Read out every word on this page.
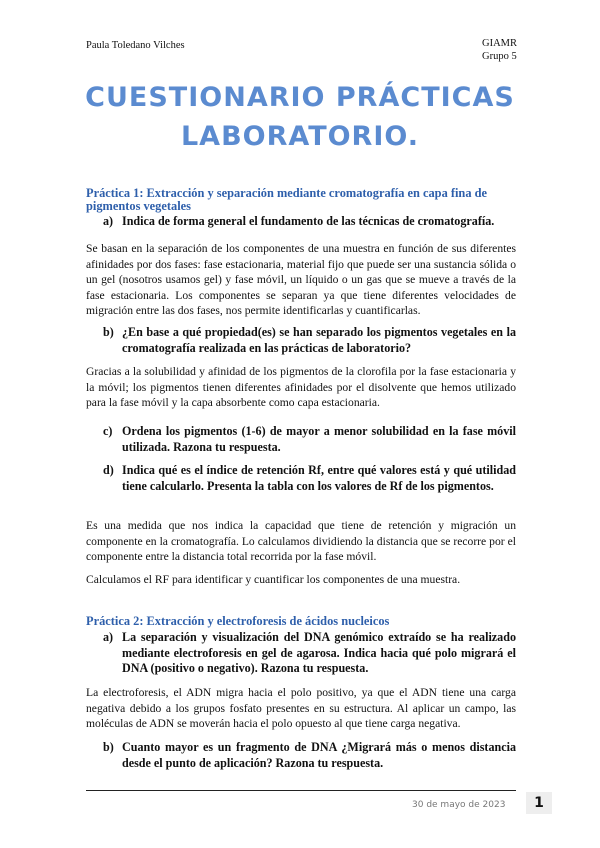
Paula Toledano Vilches	GIAMR
Grupo 5
CUESTIONARIO PRÁCTICAS
LABORATORIO.
Práctica 1: Extracción y separación mediante cromatografía en capa fina de pigmentos vegetales
a) Indica de forma general el fundamento de las técnicas de cromatografía.
Se basan en la separación de los componentes de una muestra en función de sus diferentes afinidades por dos fases: fase estacionaria, material fijo que puede ser una sustancia sólida o un gel (nosotros usamos gel) y fase móvil, un líquido o un gas que se mueve a través de la fase estacionaria. Los componentes se separan ya que tiene diferentes velocidades de migración entre las dos fases, nos permite identificarlas y cuantificarlas.
b) ¿En base a qué propiedad(es) se han separado los pigmentos vegetales en la cromatografía realizada en las prácticas de laboratorio?
Gracias a la solubilidad y afinidad de los pigmentos de la clorofila por la fase estacionaria y la móvil; los pigmentos tienen diferentes afinidades por el disolvente que hemos utilizado para la fase móvil y la capa absorbente como capa estacionaria.
c) Ordena los pigmentos (1-6) de mayor a menor solubilidad en la fase móvil utilizada. Razona tu respuesta.
d) Indica qué es el índice de retención Rf, entre qué valores está y qué utilidad tiene calcularlo. Presenta la tabla con los valores de Rf de los pigmentos.
Es una medida que nos indica la capacidad que tiene de retención y migración un componente en la cromatografía. Lo calculamos dividiendo la distancia que se recorre por el componente entre la distancia total recorrida por la fase móvil.
Calculamos el RF para identificar y cuantificar los componentes de una muestra.
Práctica 2: Extracción y electroforesis de ácidos nucleicos
a) La separación y visualización del DNA genómico extraído se ha realizado mediante electroforesis en gel de agarosa. Indica hacia qué polo migrará el DNA (positivo o negativo). Razona tu respuesta.
La electroforesis, el ADN migra hacia el polo positivo, ya que el ADN tiene una carga negativa debido a los grupos fosfato presentes en su estructura. Al aplicar un campo, las moléculas de ADN se moverán hacia el polo opuesto al que tiene carga negativa.
b) Cuanto mayor es un fragmento de DNA ¿Migrará más o menos distancia desde el punto de aplicación? Razona tu respuesta.
30 de mayo de 2023	1
